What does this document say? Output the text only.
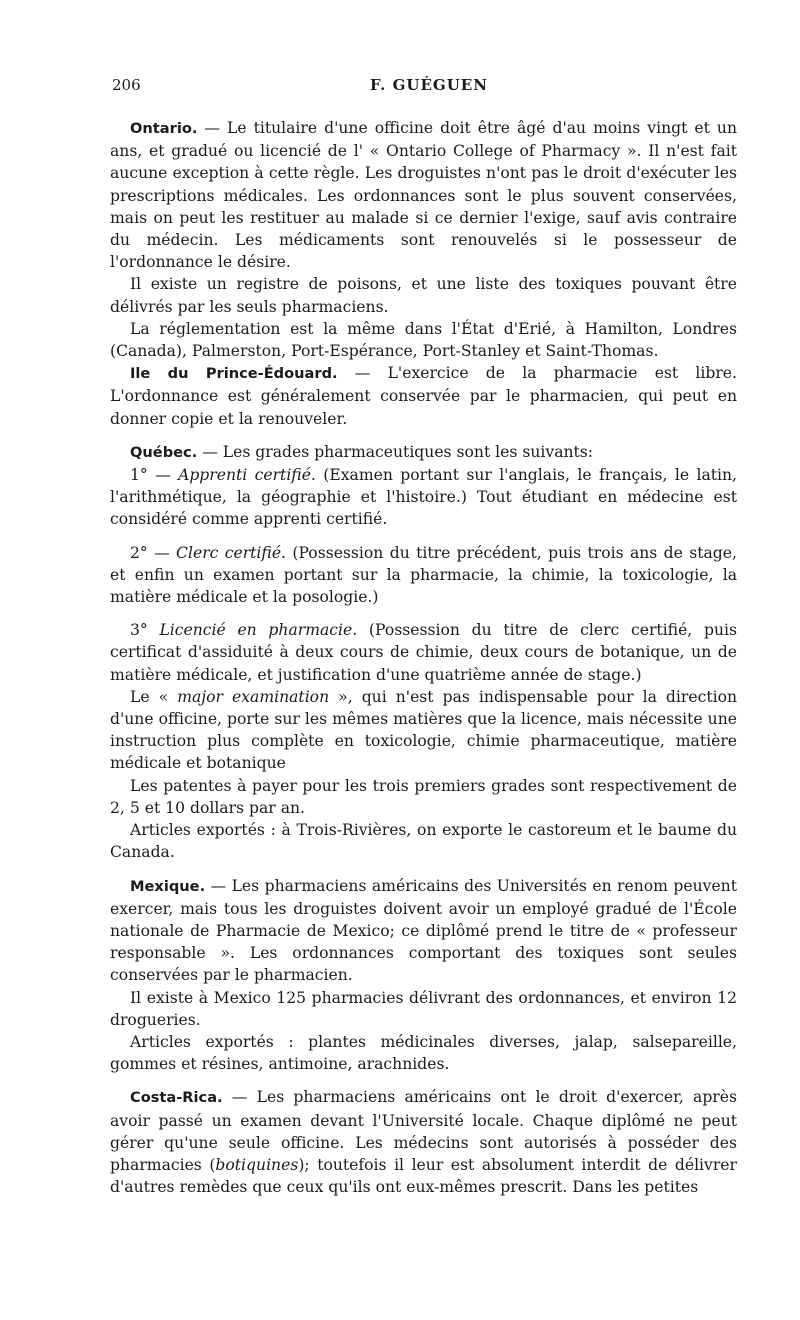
206	F. GUÉGUEN

Ontario. — Le titulaire d'une officine doit être âgé d'au moins vingt et un ans, et gradué ou licencié de l' « Ontario College of Pharmacy ». Il n'est fait aucune exception à cette règle. Les droguistes n'ont pas le droit d'exécuter les prescriptions médicales. Les ordonnances sont le plus souvent conservées, mais on peut les restituer au malade si ce dernier l'exige, sauf avis contraire du médecin. Les médicaments sont renouvelés si le possesseur de l'ordonnance le désire.

Il existe un registre de poisons, et une liste des toxiques pouvant être délivrés par les seuls pharmaciens.

La réglementation est la même dans l'État d'Erié, à Hamilton, Londres (Canada), Palmerston, Port-Espérance, Port-Stanley et Saint-Thomas.

Ile du Prince-Édouard. — L'exercice de la pharmacie est libre. L'ordonnance est généralement conservée par le pharmacien, qui peut en donner copie et la renouveler.

Québec. — Les grades pharmaceutiques sont les suivants:

1° — Apprenti certifié. (Examen portant sur l'anglais, le français, le latin, l'arithmétique, la géographie et l'histoire.) Tout étudiant en médecine est considéré comme apprenti certifié.

2° — Clerc certifié. (Possession du titre précédent, puis trois ans de stage, et enfin un examen portant sur la pharmacie, la chimie, la toxicologie, la matière médicale et la posologie.)

3° Licencié en pharmacie. (Possession du titre de clerc certifié, puis certificat d'assiduité à deux cours de chimie, deux cours de botanique, un de matière médicale, et justification d'une quatrième année de stage.)

Le « major examination », qui n'est pas indispensable pour la direction d'une officine, porte sur les mêmes matières que la licence, mais nécessite une instruction plus complète en toxicologie, chimie pharmaceutique, matière médicale et botanique

Les patentes à payer pour les trois premiers grades sont respectivement de 2, 5 et 10 dollars par an.

Articles exportés : à Trois-Rivières, on exporte le castoreum et le baume du Canada.

Mexique. — Les pharmaciens américains des Universités en renom peuvent exercer, mais tous les droguistes doivent avoir un employé gradué de l'École nationale de Pharmacie de Mexico; ce diplômé prend le titre de « professeur responsable ». Les ordonnances comportant des toxiques sont seules conservées par le pharmacien.

Il existe à Mexico 125 pharmacies délivrant des ordonnances, et environ 12 drogueries.

Articles exportés : plantes médicinales diverses, jalap, salsepareille, gommes et résines, antimoine, arachnides.

Costa-Rica. — Les pharmaciens américains ont le droit d'exercer, après avoir passé un examen devant l'Université locale. Chaque diplômé ne peut gérer qu'une seule officine. Les médecins sont autorisés à posséder des pharmacies (botiquines); toutefois il leur est absolument interdit de délivrer d'autres remèdes que ceux qu'ils ont eux-mêmes prescrit. Dans les petites
